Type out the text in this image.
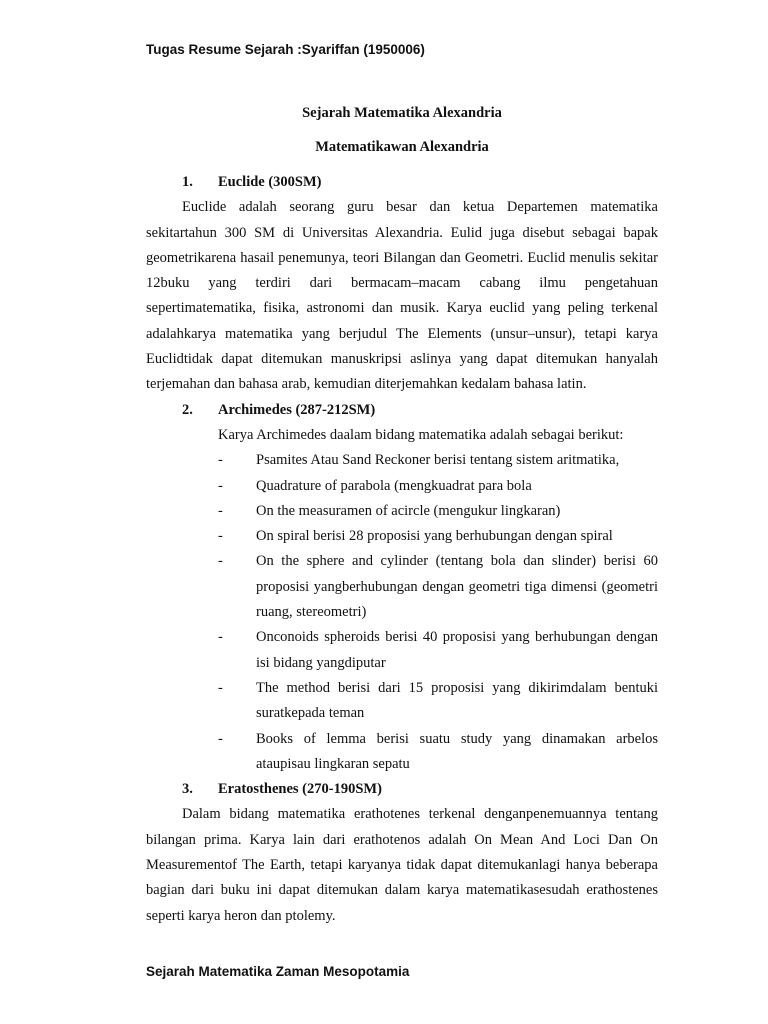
Tugas Resume Sejarah :Syariffan (1950006)
Sejarah Matematika Alexandria
Matematikawan Alexandria
1.	Euclide (300SM)
Euclide adalah seorang guru besar dan ketua Departemen matematika sekitartahun 300 SM di Universitas Alexandria. Eulid juga disebut sebagai bapak geometrikarena hasail penemunya, teori Bilangan dan Geometri. Euclid menulis sekitar 12buku yang terdiri dari bermacam–macam cabang ilmu pengetahuan sepertimatematika, fisika, astronomi dan musik. Karya euclid yang peling terkenal adalahkarya matematika yang berjudul The Elements (unsur–unsur), tetapi karya Euclidtidak dapat ditemukan manuskripsi aslinya yang dapat ditemukan hanyalah terjemahan dan bahasa arab, kemudian diterjemahkan kedalam bahasa latin.
2.	Archimedes (287-212SM)
Karya Archimedes daalam bidang matematika adalah sebagai berikut:
-	Psamites Atau Sand Reckoner berisi tentang sistem aritmatika,
-	Quadrature of parabola (mengkuadrat para bola
-	On the measuramen of acircle (mengukur lingkaran)
-	On spiral berisi 28 proposisi yang berhubungan dengan spiral
-	On the sphere and cylinder (tentang bola dan slinder) berisi 60 proposisi yangberhubungan dengan geometri tiga dimensi (geometri ruang, stereometri)
-	Onconoids spheroids berisi 40 proposisi yang berhubungan dengan isi bidang yangdiputar
-	The method berisi dari 15 proposisi yang dikirimdalam bentuki suratkepada teman
-	Books of lemma berisi suatu study yang dinamakan arbelos ataupisau lingkaran sepatu
3.	Eratosthenes (270-190SM)
Dalam bidang matematika erathotenes terkenal denganpenemuannya tentang bilangan prima. Karya lain dari erathotenos adalah On Mean And Loci Dan On Measurementof The Earth, tetapi karyanya tidak dapat ditemukanlagi hanya beberapa bagian dari buku ini dapat ditemukan dalam karya matematikasesudah erathostenes seperti karya heron dan ptolemy.
Sejarah Matematika Zaman Mesopotamia
